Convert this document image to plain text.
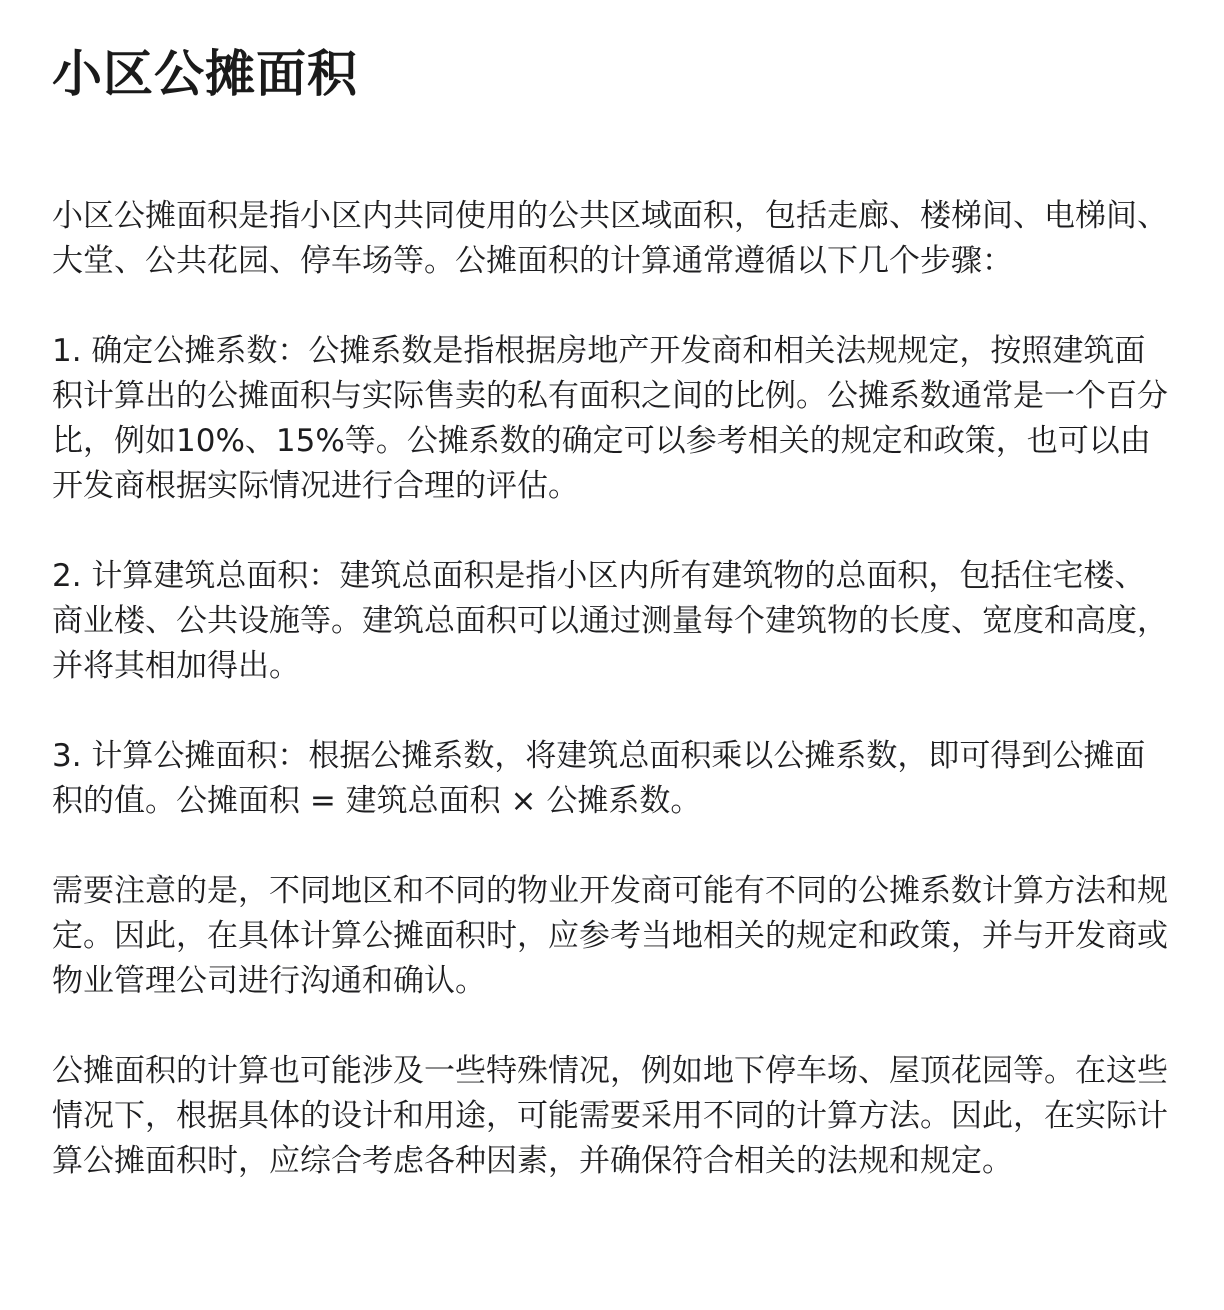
小区公摊面积

小区公摊面积是指小区内共同使用的公共区域面积，包括走廊、楼梯间、电梯间、大堂、公共花园、停车场等。公摊面积的计算通常遵循以下几个步骤：

1. 确定公摊系数：公摊系数是指根据房地产开发商和相关法规规定，按照建筑面积计算出的公摊面积与实际售卖的私有面积之间的比例。公摊系数通常是一个百分比，例如10%、15%等。公摊系数的确定可以参考相关的规定和政策，也可以由开发商根据实际情况进行合理的评估。

2. 计算建筑总面积：建筑总面积是指小区内所有建筑物的总面积，包括住宅楼、商业楼、公共设施等。建筑总面积可以通过测量每个建筑物的长度、宽度和高度，并将其相加得出。

3. 计算公摊面积：根据公摊系数，将建筑总面积乘以公摊系数，即可得到公摊面积的值。公摊面积 = 建筑总面积 × 公摊系数。

需要注意的是，不同地区和不同的物业开发商可能有不同的公摊系数计算方法和规定。因此，在具体计算公摊面积时，应参考当地相关的规定和政策，并与开发商或物业管理公司进行沟通和确认。

公摊面积的计算也可能涉及一些特殊情况，例如地下停车场、屋顶花园等。在这些情况下，根据具体的设计和用途，可能需要采用不同的计算方法。因此，在实际计算公摊面积时，应综合考虑各种因素，并确保符合相关的法规和规定。
